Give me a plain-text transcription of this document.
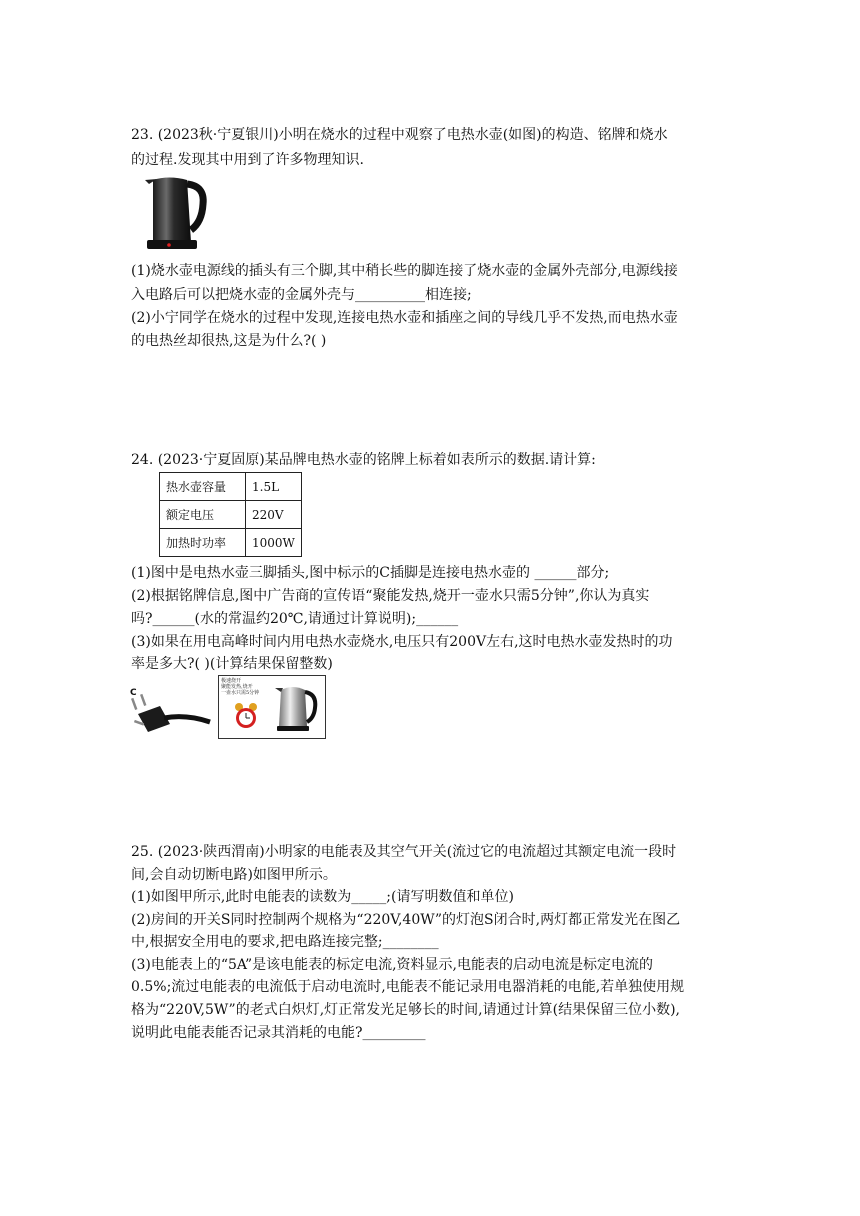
23. (2023秋·宁夏银川)小明在烧水的过程中观察了电热水壶(如图)的构造、铭牌和烧水
的过程.发现其中用到了许多物理知识.
(1)烧水壶电源线的插头有三个脚,其中稍长些的脚连接了烧水壶的金属外壳部分,电源线接
入电路后可以把烧水壶的金属外壳与__________相连接;
(2)小宁同学在烧水的过程中发现,连接电热水壶和插座之间的导线几乎不发热,而电热水壶
的电热丝却很热,这是为什么?( )
24. (2023·宁夏固原)某品牌电热水壶的铭牌上标着如表所示的数据.请计算:
热水壶容量	1.5L
额定电压	220V
加热时功率	1000W
(1)图中是电热水壶三脚插头,图中标示的C插脚是连接电热水壶的 ______部分;
(2)根据铭牌信息,图中广告商的宣传语“聚能发热,烧开一壶水只需5分钟”,你认为真实
吗?______(水的常温约20℃,请通过计算说明);______
(3)如果在用电高峰时间内用电热水壶烧水,电压只有200V左右,这时电热水壶发热时的功
率是多大?( )(计算结果保留整数)
C
极速烧开
聚能发热,烧开
一壶水只需5分钟
25. (2023·陕西渭南)小明家的电能表及其空气开关(流过它的电流超过其额定电流一段时
间,会自动切断电路)如图甲所示。
(1)如图甲所示,此时电能表的读数为_____;(请写明数值和单位)
(2)房间的开关S同时控制两个规格为“220V,40W”的灯泡S闭合时,两灯都正常发光在图乙
中,根据安全用电的要求,把电路连接完整;________
(3)电能表上的“5A”是该电能表的标定电流,资料显示,电能表的启动电流是标定电流的
0.5%;流过电能表的电流低于启动电流时,电能表不能记录用电器消耗的电能,若单独使用规
格为“220V,5W”的老式白炽灯,灯正常发光足够长的时间,请通过计算(结果保留三位小数),
说明此电能表能否记录其消耗的电能?_________
